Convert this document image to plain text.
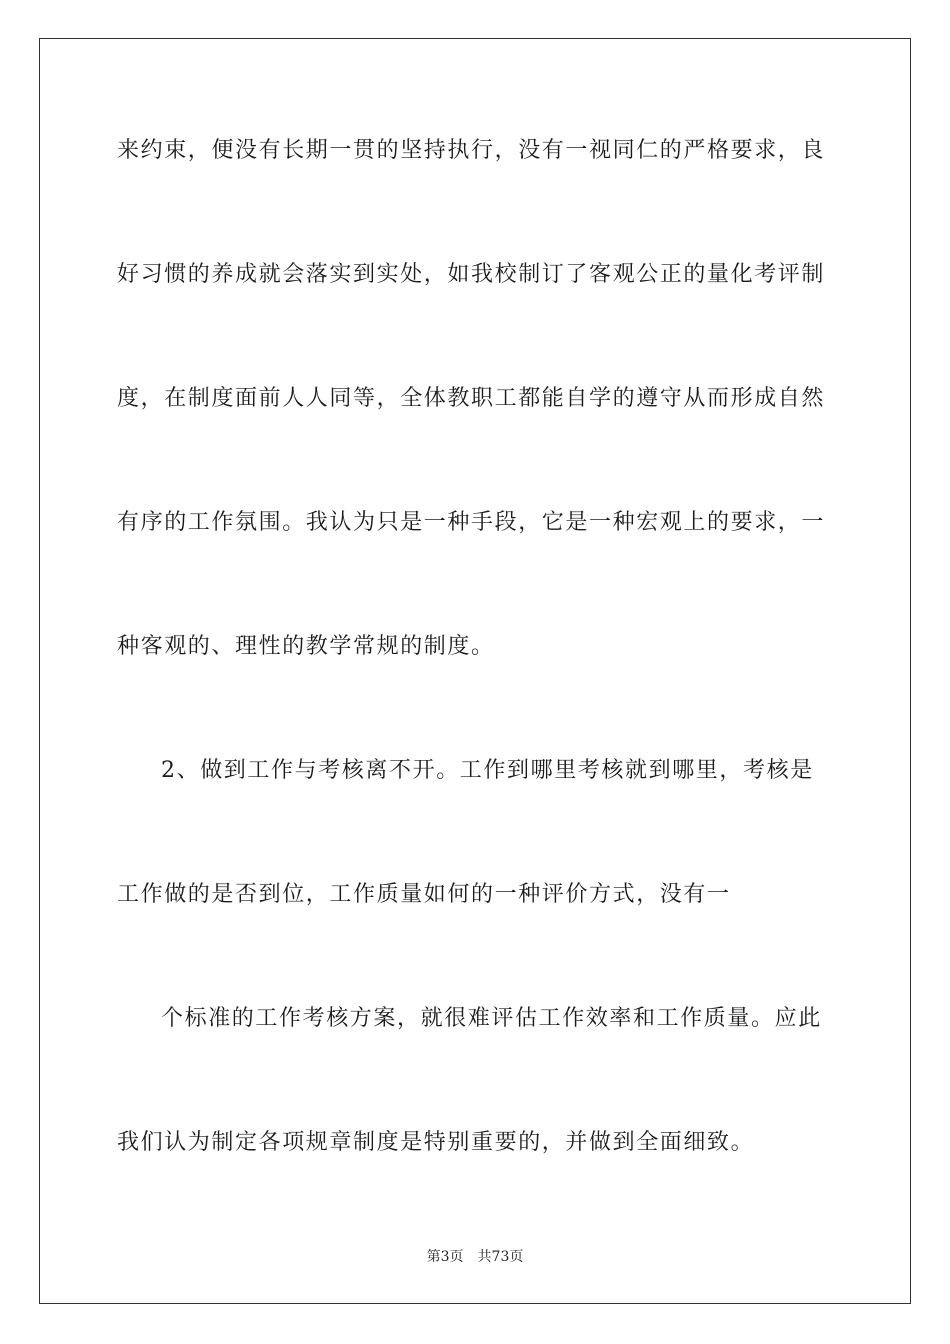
来约束，便没有长期一贯的坚持执行，没有一视同仁的严格要求，良
好习惯的养成就会落实到实处，如我校制订了客观公正的量化考评制
度，在制度面前人人同等，全体教职工都能自学的遵守从而形成自然
有序的工作氛围。我认为只是一种手段，它是一种宏观上的要求，一
种客观的、理性的教学常规的制度。
2、做到工作与考核离不开。工作到哪里考核就到哪里，考核是
工作做的是否到位，工作质量如何的一种评价方式，没有一
个标准的工作考核方案，就很难评估工作效率和工作质量。应此
我们认为制定各项规章制度是特别重要的，并做到全面细致。
第3页 共73页
